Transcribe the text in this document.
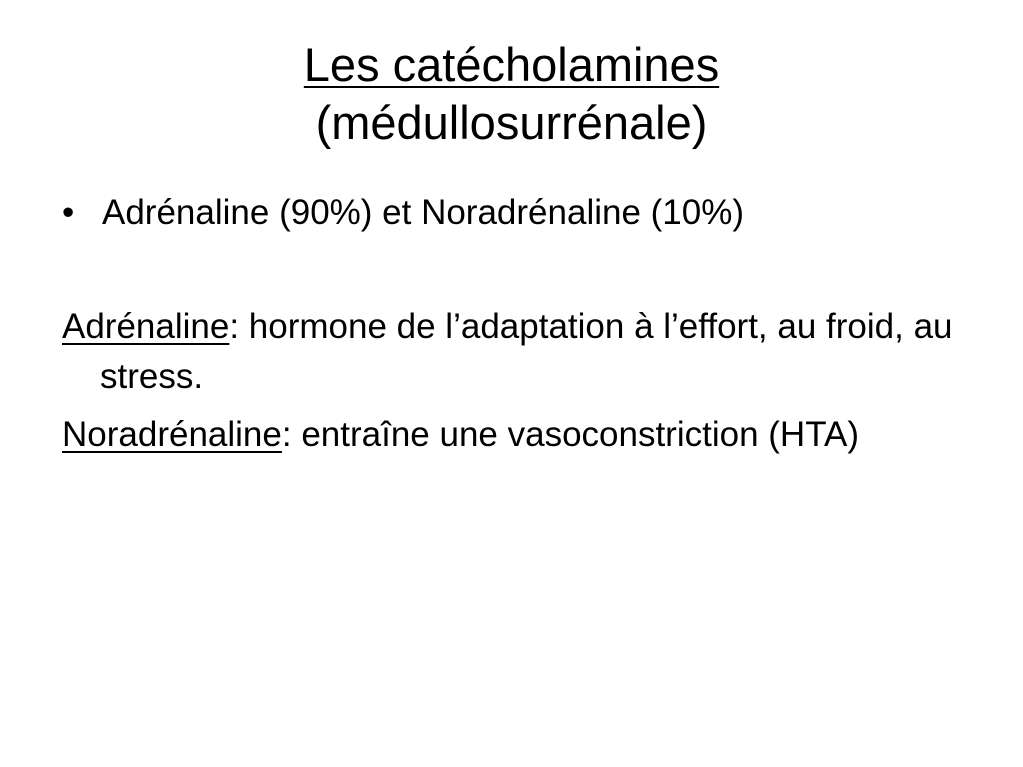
Les catécholamines
(médullosurrénale)
• Adrénaline (90%) et Noradrénaline (10%)
Adrénaline: hormone de l’adaptation à l’effort, au froid, au stress.
Noradrénaline: entraîne une vasoconstriction (HTA)
